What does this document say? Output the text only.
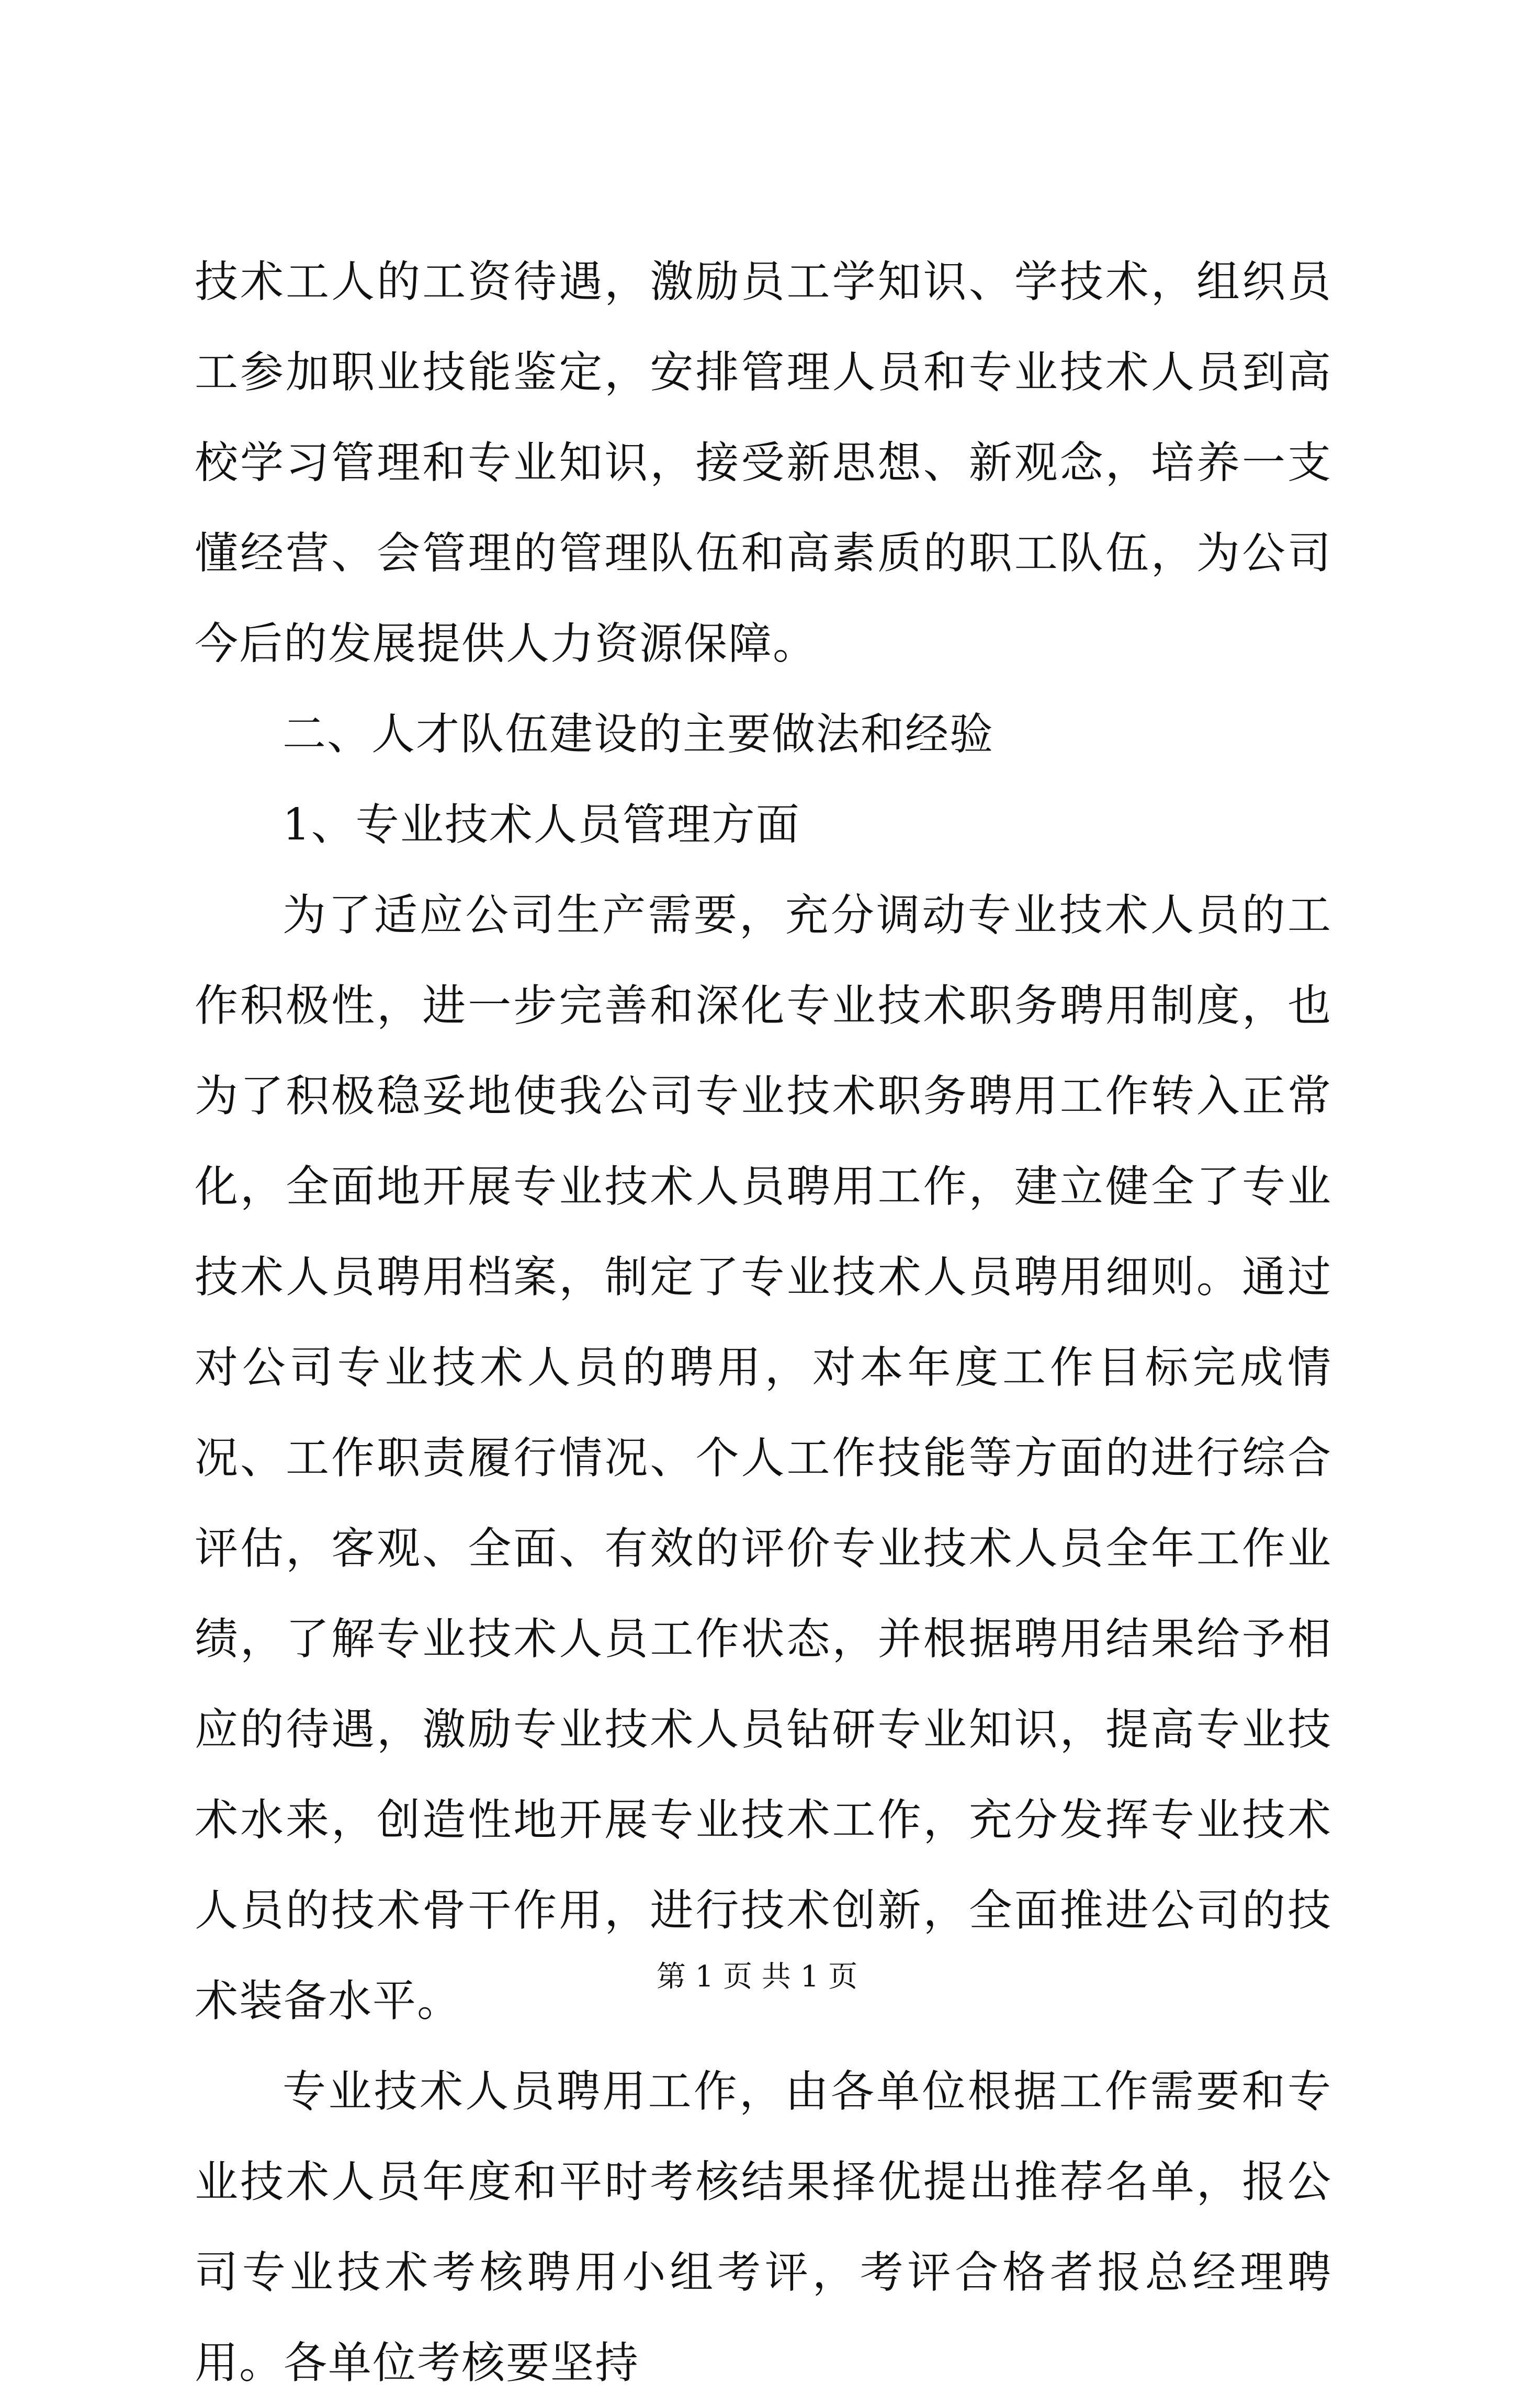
技术工人的工资待遇，激励员工学知识、学技术，组织员工参加职业技能鉴定，安排管理人员和专业技术人员到高校学习管理和专业知识，接受新思想、新观念，培养一支懂经营、会管理的管理队伍和高素质的职工队伍，为公司今后的发展提供人力资源保障。

二、人才队伍建设的主要做法和经验

1、专业技术人员管理方面

为了适应公司生产需要，充分调动专业技术人员的工作积极性，进一步完善和深化专业技术职务聘用制度，也为了积极稳妥地使我公司专业技术职务聘用工作转入正常化，全面地开展专业技术人员聘用工作，建立健全了专业技术人员聘用档案，制定了专业技术人员聘用细则。通过对公司专业技术人员的聘用，对本年度工作目标完成情况、工作职责履行情况、个人工作技能等方面的进行综合评估，客观、全面、有效的评价专业技术人员全年工作业绩，了解专业技术人员工作状态，并根据聘用结果给予相应的待遇，激励专业技术人员钻研专业知识，提高专业技术水来，创造性地开展专业技术工作，充分发挥专业技术人员的技术骨干作用，进行技术创新，全面推进公司的技术装备水平。

专业技术人员聘用工作，由各单位根据工作需要和专业技术人员年度和平时考核结果择优提出推荐名单，报公司专业技术考核聘用小组考评，考评合格者报总经理聘用。各单位考核要坚持

第 1 页 共 1 页
